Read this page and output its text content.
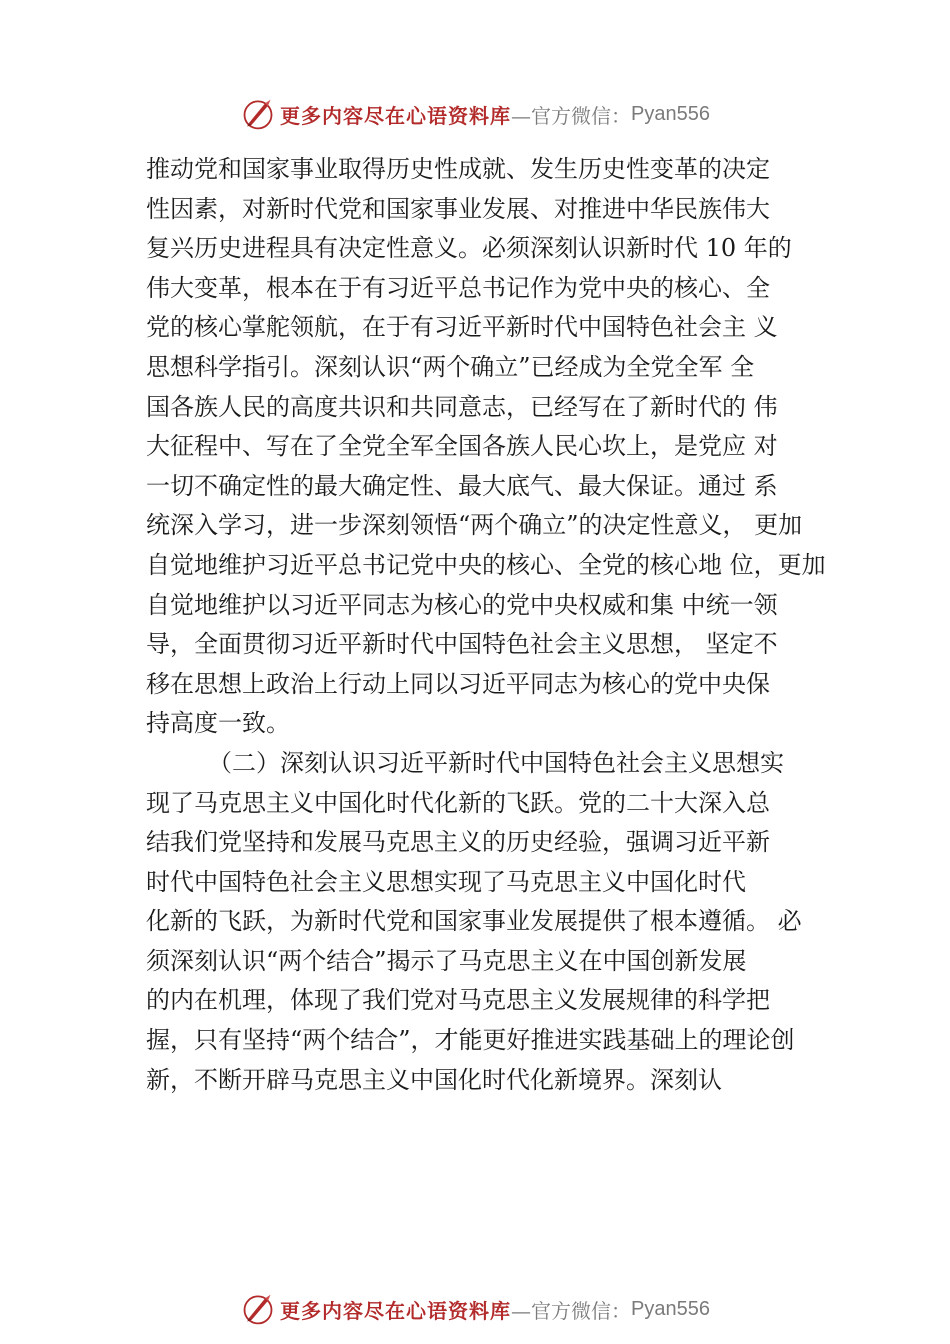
更多内容尽在心语资料库 —官方微信： Pyan556
推动党和国家事业取得历史性成就、发生历史性变革的决定
性因素，对新时代党和国家事业发展、对推进中华民族伟大
复兴历史进程具有决定性意义。必须深刻认识新时代 10 年的
伟大变革，根本在于有习近平总书记作为党中央的核心、全
党的核心掌舵领航，在于有习近平新时代中国特色社会主 义
思想科学指引。深刻认识“两个确立”已经成为全党全军 全
国各族人民的高度共识和共同意志，已经写在了新时代的 伟
大征程中、写在了全党全军全国各族人民心坎上，是党应 对
一切不确定性的最大确定性、最大底气、最大保证。通过 系
统深入学习，进一步深刻领悟“两个确立”的决定性意义， 更加
自觉地维护习近平总书记党中央的核心、全党的核心地 位，更加
自觉地维护以习近平同志为核心的党中央权威和集 中统一领
导，全面贯彻习近平新时代中国特色社会主义思想， 坚定不
移在思想上政治上行动上同以习近平同志为核心的党中央保
持高度一致。
（二）深刻认识习近平新时代中国特色社会主义思想实
现了马克思主义中国化时代化新的飞跃。党的二十大深入总
结我们党坚持和发展马克思主义的历史经验，强调习近平新
时代中国特色社会主义思想实现了马克思主义中国化时代
化新的飞跃，为新时代党和国家事业发展提供了根本遵循。 必
须深刻认识“两个结合”揭示了马克思主义在中国创新发展
的内在机理，体现了我们党对马克思主义发展规律的科学把
握，只有坚持“两个结合”，才能更好推进实践基础上的理论创
新，不断开辟马克思主义中国化时代化新境界。深刻认
更多内容尽在心语资料库 —官方微信： Pyan556
